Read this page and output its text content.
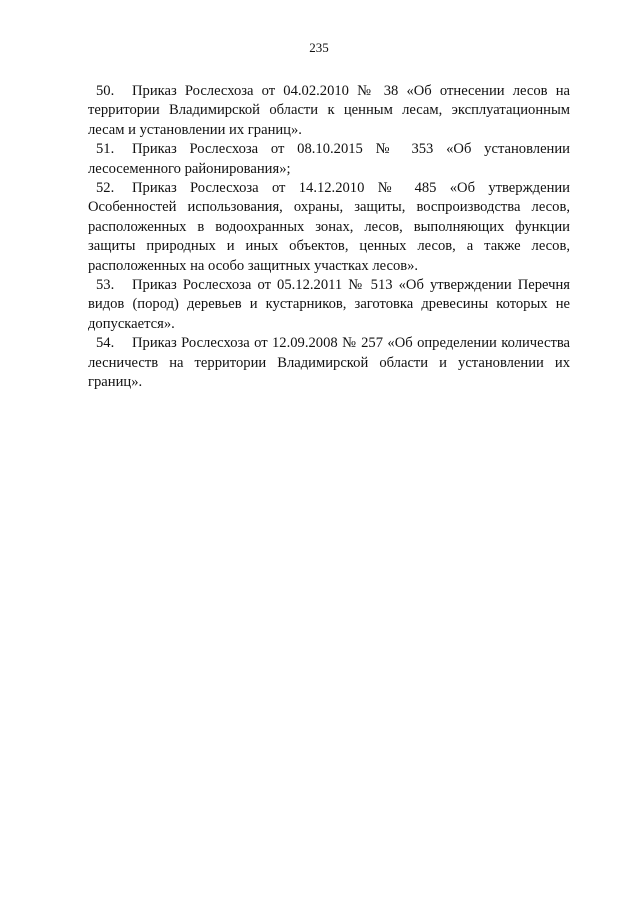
235

50. Приказ Рослесхоза от 04.02.2010 № 38 «Об отнесении лесов на территории Владимирской области к ценным лесам, эксплуатационным лесам и установлении их границ».

51. Приказ Рослесхоза от 08.10.2015 № 353 «Об установлении лесосеменного районирования»;

52. Приказ Рослесхоза от 14.12.2010 № 485 «Об утверждении Особенностей использования, охраны, защиты, воспроизводства лесов, расположенных в водоохранных зонах, лесов, выполняющих функции защиты природных и иных объектов, ценных лесов, а также лесов, расположенных на особо защитных участках лесов».

53. Приказ Рослесхоза от 05.12.2011 № 513 «Об утверждении Перечня видов (пород) деревьев и кустарников, заготовка древесины которых не допускается».

54. Приказ Рослесхоза от 12.09.2008 № 257 «Об определении количества лесничеств на территории Владимирской области и установлении их границ».
